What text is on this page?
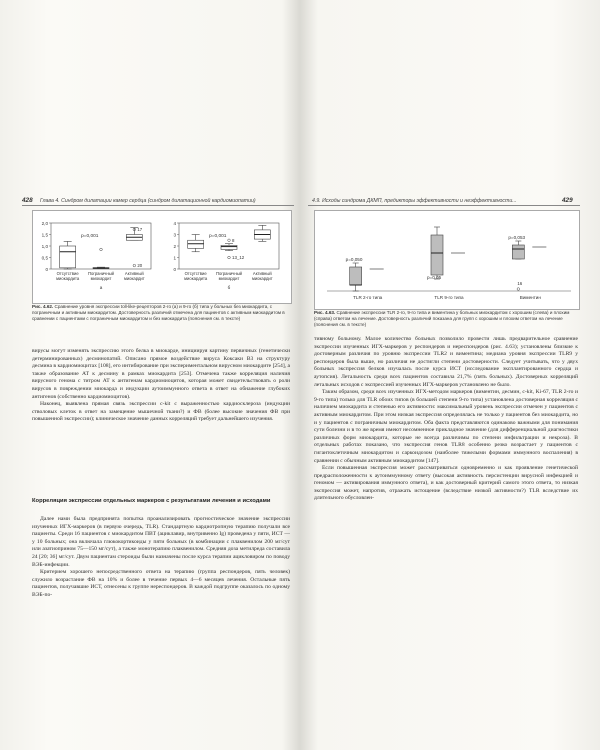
428 Глава 4. Синдром дилатации камер сердца (синдром дилатационной кардиомиопатии)
2,0
1,5
1,0
0,5
0
Отсутствие
миокардита
Пограничный
миокардит
Активный
миокардит
а
p=0,001
17
20
4
3
2
1
0
Отсутствие
миокардита
Пограничный
миокардит
Активный
миокардит
б
p=0,001
8
13_12
Рис. 4.62. Сравнение уровня экспрессии toll-like-рецепторов 2-го (а) и 9-го (б) типа у больных без миокардита, с пограничным и активным миокардитом. Достоверность различий отмечена для пациентов с активным миокардитом в сравнении с пациентами с пограничным миокардитом и без миокардита (пояснения см. в тексте)

вирусы могут изменять экспрессию этого белка в миокарде, инициируя картину первичных (генетически детерминированных) десминопатий. Описано прямое воздействие вируса Коксаки В3 на структуру десмина в кардиомиоцитах [108], его интибирование при экспериментальном вирусном миокардите [254], а также образование АТ к десмину в рамках миокардита [253]. Отмечена также корреляция наличия вирусного генома с титром АТ к антигенам кардиомиоцитов, которая может свидетельствовать о роли вирусов в повреждении миокарда и индукции аутоиммунного ответа в ответ на обнажение глубоких антигенов (собственно кардиомиоцитов).

Наконец, выявлена прямая связь экспрессии c-kit с выраженностью кардиосклероза (индукции стволовых клеток в ответ на замещение мышечной ткани?) и ФВ (более высокие значения ФВ при повышенной экспрессии); клиническое значение данных корреляций требует дальнейшего изучения.

Корреляция экспрессии отдельных маркеров с результатами лечения и исходами

Далее нами была предпринята попытка проанализировать прогностическое значение экспрессии изученных ИГХ-маркеров (в первую очередь, TLR). Стандартную кардиотропную терапию получали все пациенты. Среди 16 пациентов с миокардитом ПВТ (ациклавир, внутривенно Ig) проведена у пяти, ИСТ — у 10 больных; она включала глюкокортикоиды у пяти больных (в комбинации с плаквенилом 200 мг/сут или азатиоприном 75—150 мг/сут), а также монотерапию плаквенилом. Средняя доза метилреда составила 24 [20; 36] мг/сут. Двум пациентам стероиды были назначены после курса терапии ацикловиром по поводу ВЭБ-инфекции.

Критерием хорошего непосредственного ответа на терапию (группа респондеров, пять человек) служило возрастание ФВ на 10% и более в течение первых 4—6 месяцев лечения. Остальные пять пациентов, получавшие ИСТ, отнесены к группе нереспондеров. В каждой подгруппе оказалось по одному ВЭБ-по-

4.9. Исходы синдрома ДКМП, предикторы эффективности и неэффективности...	429
TLR 2-го типа
p=0,050
TLR 9-го типа
p=0,05
Виментин
p=0,053
16
Рис. 4.63. Сравнение экспрессии TLR 2-го, 9-го типа и виментина у больных миокардитом с хорошим (слева) и плохим (справа) ответом на лечение. Достоверность различий показана для групп с хорошим и плохим ответом на лечение (пояснения см. в тексте)

тивному больному. Малое количество больных позволило провести лишь предварительное сравнение экспрессии изученных ИГХ-маркеров у респондеров и нереспондеров (рис. 4.63); установлены близкие к достоверным различия по уровню экспрессии TLR2 и виментина; медиана уровня экспрессии TLR9 у респондеров была выше, но различия не достигли степени достоверности. Следует учитывать, что у двух больных экспрессия белков изучалась после курса ИСТ (исследование эксплантированного сердца и аутопсия). Летальность среди всех пациентов составила 21,7% (пять больных). Достоверных корреляций летальных исходов с экспрессией изученных ИГХ-маркеров установлено не было.

Таким образом, среди всех изученных ИГХ-методом маркеров (виментин, десмин, c-kit, Ki-67, TLR 2-го и 9-го типа) только для TLR обоих типов (в большей степени 9-го типа) установлена достоверная корреляция с наличием миокардита и степенью его активности: максимальный уровень экспрессии отмечен у пациентов с активным миокардитом. При этом низкая экспрессия определялась не только у пациентов без миокардита, но и у пациентов с пограничным миокардитом. Оба факта представляются одинаково важными для понимания сути болезни и в то же время имеют несомненное прикладное значение (для дифференциальной диагностики различных форм миокардита, которые не всегда различимы по степени инфильтрации и некроза). В отдельных работах показано, что экспрессия генов TLR8 особенно резко возрастает у пациентов с гигантоклеточным миокардитом и саркоидозом (наиболее тяжелыми формами иммунного воспаления) в сравнении с обычным активным миокардитом [147].

Если повышенная экспрессия может рассматриваться одновременно и как проявление генетической предрасположенности к аутоиммунному ответу (высокая активность персистенции вирусной инфекцией и геномом — активирования иммунного ответа), и как достоверный критерий самого этого ответа, то низкая экспрессия может, напротив, отражать истощение (вследствие низкой активности?) TLR вследствие их длительного обусловлен-
